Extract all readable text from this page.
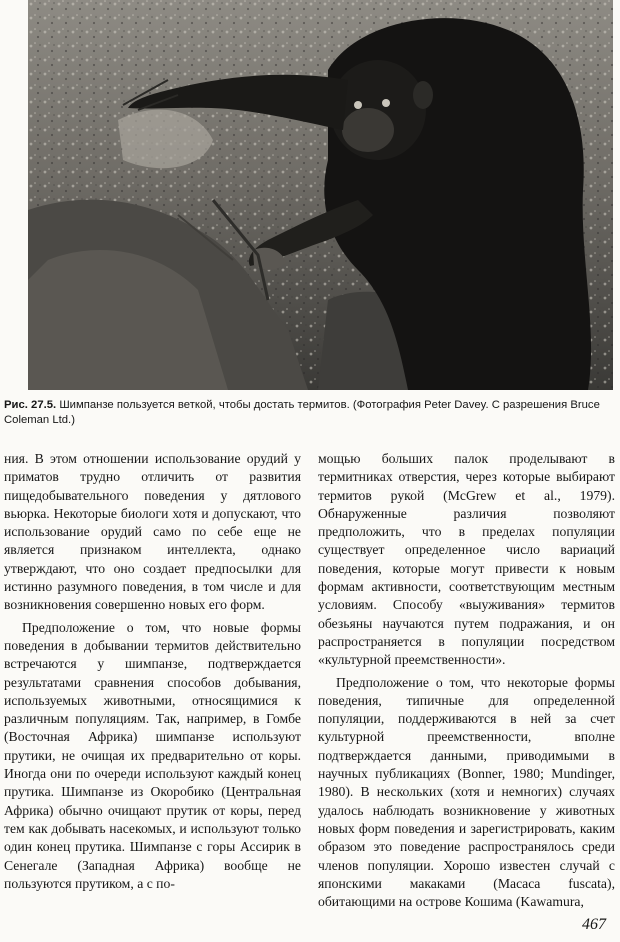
Рис. 27.5. Шимпанзе пользуется веткой, чтобы достать термитов. (Фотография Peter Davey. С разрешения Bruce Coleman Ltd.)

ния. В этом отношении использование орудий у приматов трудно отличить от развития пищедобывательного поведения у дятлового вьюрка. Некоторые биологи хотя и допускают, что использование орудий само по себе еще не является признаком интеллекта, однако утверждают, что оно создает предпосылки для истинно разумного поведения, в том числе и для возникновения совершенно новых его форм.

Предположение о том, что новые формы поведения в добывании термитов действительно встречаются у шимпанзе, подтверждается результатами сравнения способов добывания, используемых животными, относящимися к различным популяциям. Так, например, в Гомбе (Восточная Африка) шимпанзе используют прутики, не очищая их предварительно от коры. Иногда они по очереди используют каждый конец прутика. Шимпанзе из Окоробико (Центральная Африка) обычно очищают прутик от коры, перед тем как добывать насекомых, и используют только один конец прутика. Шимпанзе с горы Ассирик в Сенегале (Западная Африка) вообще не пользуются прутиком, а с по-

мощью больших палок проделывают в термитниках отверстия, через которые выбирают термитов рукой (McGrew et al., 1979). Обнаруженные различия позволяют предположить, что в пределах популяции существует определенное число вариаций поведения, которые могут привести к новым формам активности, соответствующим местным условиям. Способу «выуживания» термитов обезьяны научаются путем подражания, и он распространяется в популяции посредством «культурной преемственности».

Предположение о том, что некоторые формы поведения, типичные для определенной популяции, поддерживаются в ней за счет культурной преемственности, вполне подтверждается данными, приводимыми в научных публикациях (Bonner, 1980; Mundinger, 1980). В нескольких (хотя и немногих) случаях удалось наблюдать возникновение у животных новых форм поведения и зарегистрировать, каким образом это поведение распространялось среди членов популяции. Хорошо известен случай с японскими макаками (Macaca fuscata), обитающими на острове Кошима (Kawamura,

467
